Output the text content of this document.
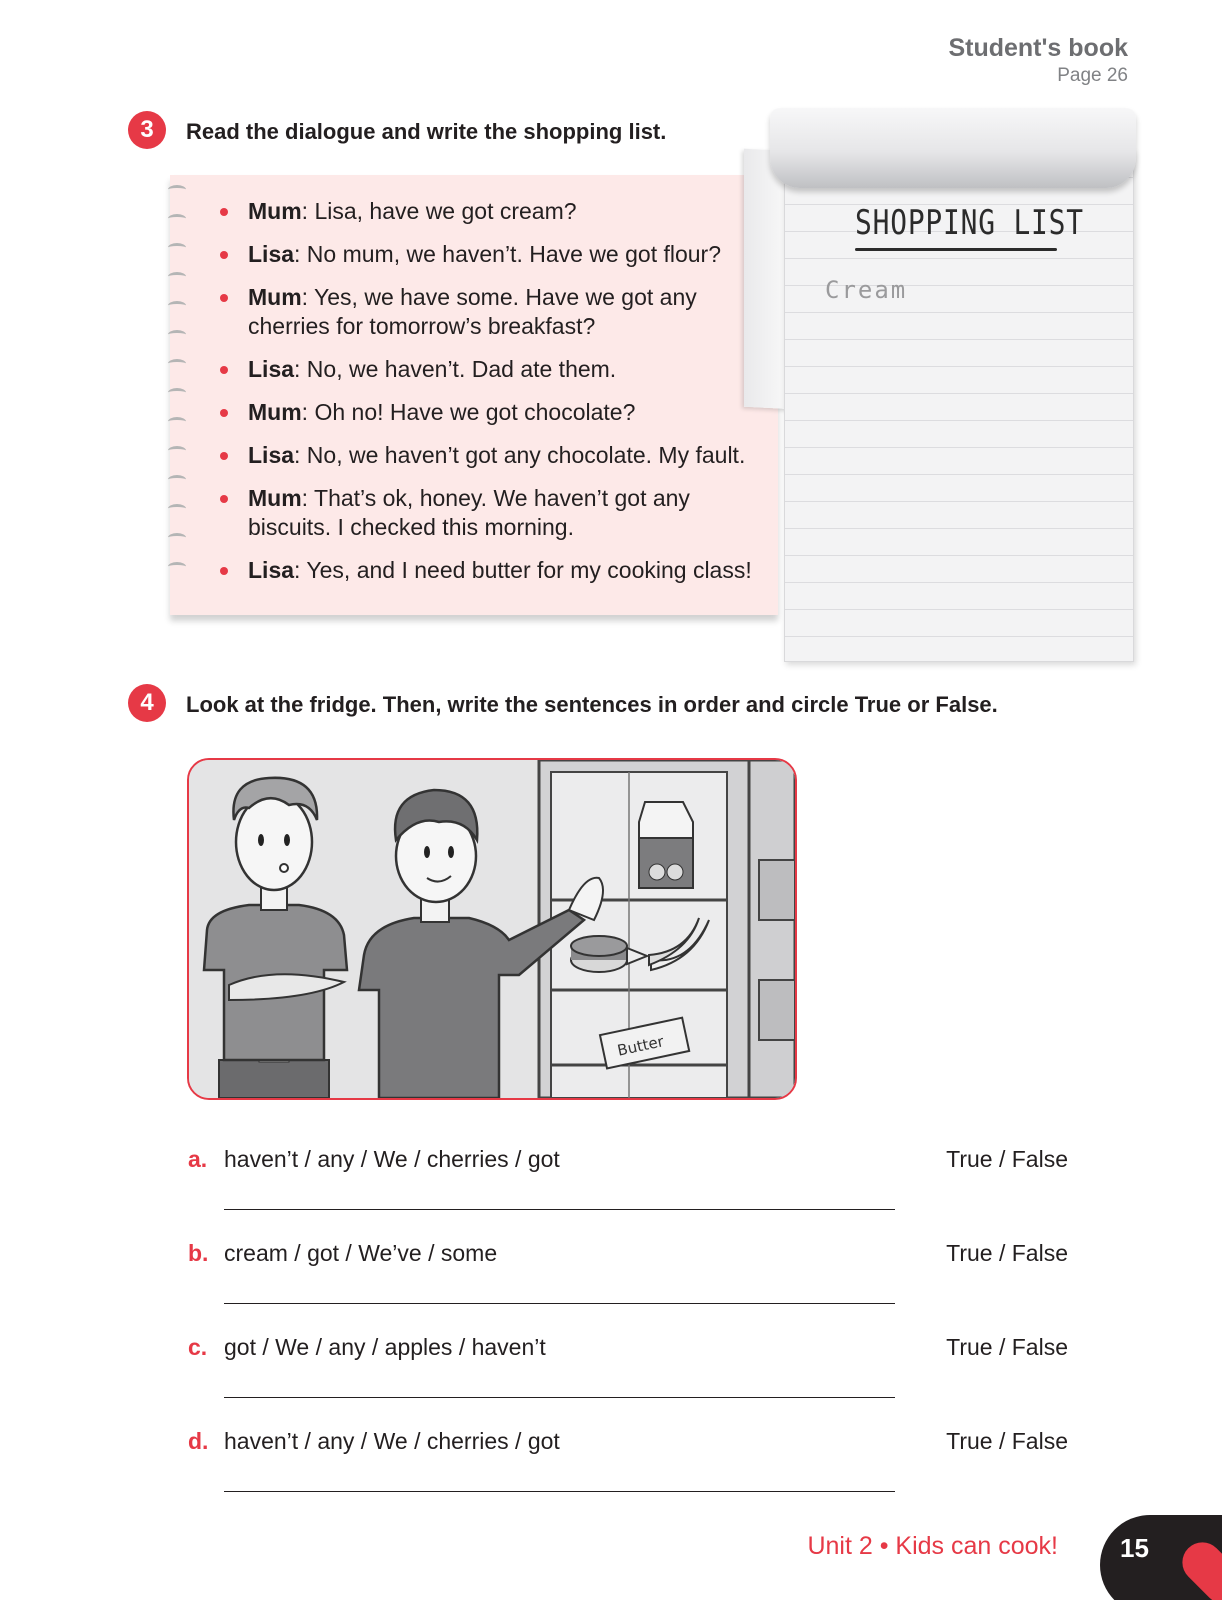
Student's book
Page 26
3	Read the dialogue and write the shopping list.
Mum: Lisa, have we got cream?
Lisa: No mum, we haven’t. Have we got flour?
Mum: Yes, we have some. Have we got any cherries for tomorrow’s breakfast?
Lisa: No, we haven’t. Dad ate them.
Mum: Oh no! Have we got chocolate?
Lisa: No, we haven’t got any chocolate. My fault.
Mum: That’s ok, honey. We haven’t got any biscuits. I checked this morning.
Lisa: Yes, and I need butter for my cooking class!
SHOPPING LIST
Cream
4	Look at the fridge. Then, write the sentences in order and circle True or False.
Butter
a. haven’t / any / We / cherries / got	True / False
b. cream / got / We’ve / some	True / False
c. got / We / any / apples / haven’t	True / False
d. haven’t / any / We / cherries / got	True / False
Unit 2 • Kids can cook! 15
